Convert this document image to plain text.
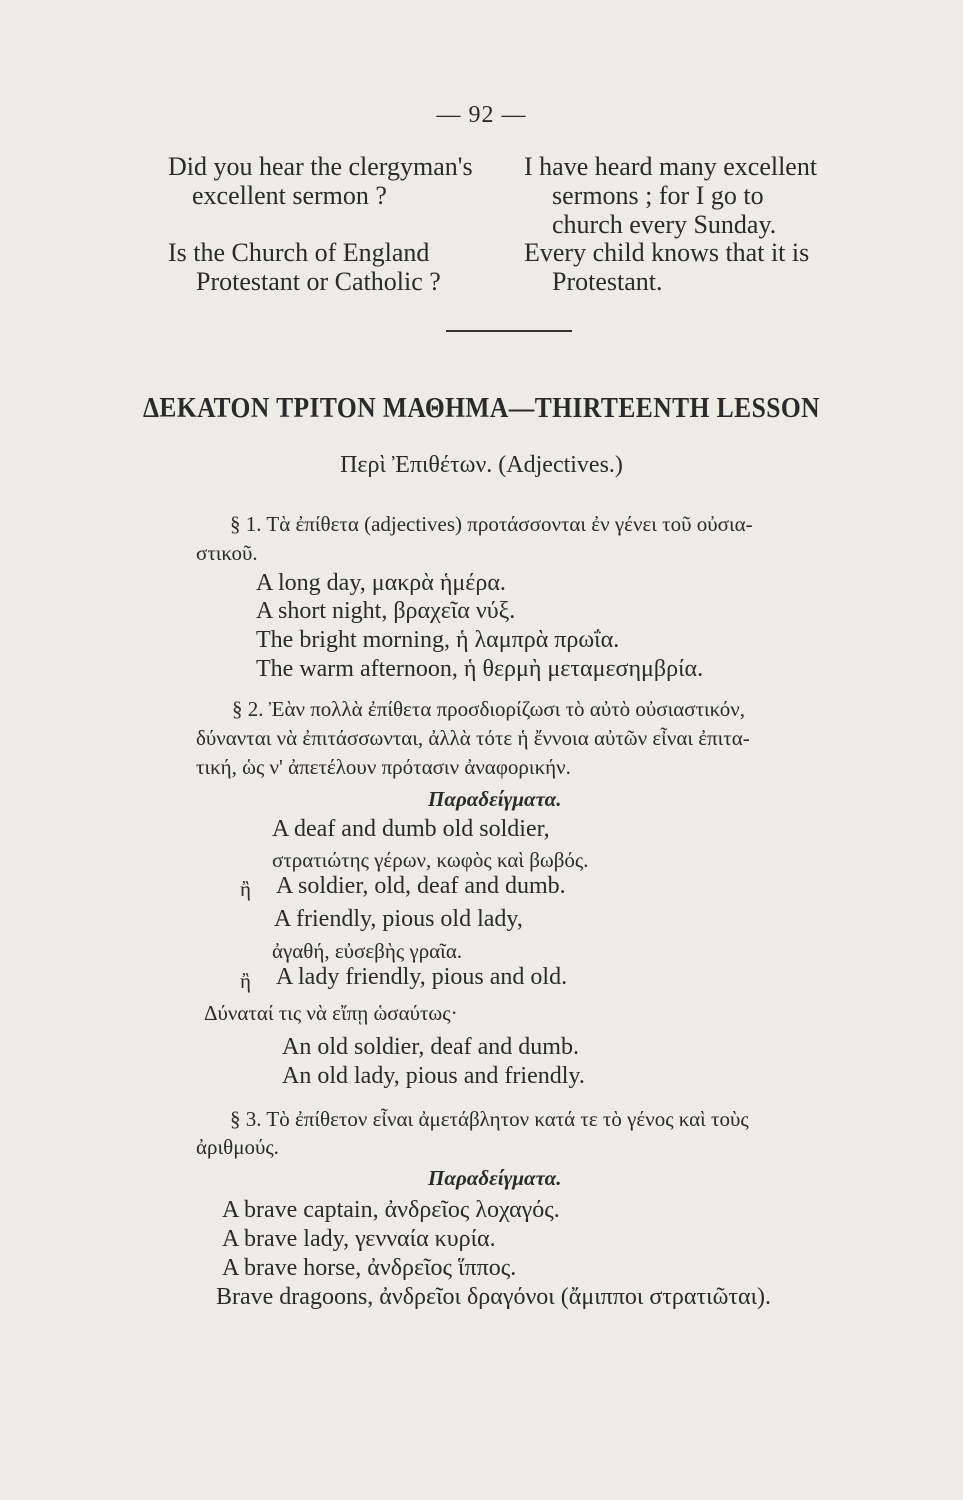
— 92 —
Did you hear the clergyman's
excellent sermon ?
I have heard many excellent
sermons ; for I go to
church every Sunday.
Is the Church of England
Protestant or Catholic ?
Every child knows that it is
Protestant.
ΔΕΚΑΤΟΝ ΤΡΙΤΟΝ ΜΑΘΗΜΑ—THIRTEENTH LESSON
Περὶ Ἐπιθέτων. (Adjectives.)
§ 1. Τὰ ἐπίθετα (adjectives) προτάσσονται ἐν γένει τοῦ οὐσια-
στικοῦ.
A long day, μακρὰ ἡμέρα.
A short night, βραχεῖα νύξ.
The bright morning, ἡ λαμπρὰ πρωΐα.
The warm afternoon, ἡ θερμὴ μεταμεσημβρία.
§ 2. Ἐὰν πολλὰ ἐπίθετα προσδιορίζωσι τὸ αὐτὸ οὐσιαστικόν,
δύνανται νὰ ἐπιτάσσωνται, ἀλλὰ τότε ἡ ἔννοια αὐτῶν εἶναι ἐπιτα-
τική, ὡς ν' ἀπετέλουν πρότασιν ἀναφορικήν.
Παραδείγματα.
A deaf and dumb old soldier,
στρατιώτης γέρων, κωφὸς καὶ βωβός.
ἢ A soldier, old, deaf and dumb.
A friendly, pious old lady,
ἀγαθή, εὐσεβὴς γραῖα.
ἢ A lady friendly, pious and old.
Δύναταί τις νὰ εἴπῃ ὡσαύτως·
An old soldier, deaf and dumb.
An old lady, pious and friendly.
§ 3. Τὸ ἐπίθετον εἶναι ἀμετάβλητον κατά τε τὸ γένος καὶ τοὺς
ἀριθμούς.
Παραδείγματα.
A brave captain, ἀνδρεῖος λοχαγός.
A brave lady, γενναία κυρία.
A brave horse, ἀνδρεῖος ἵππος.
Brave dragoons, ἀνδρεῖοι δραγόνοι (ἄμιπποι στρατιῶται).
